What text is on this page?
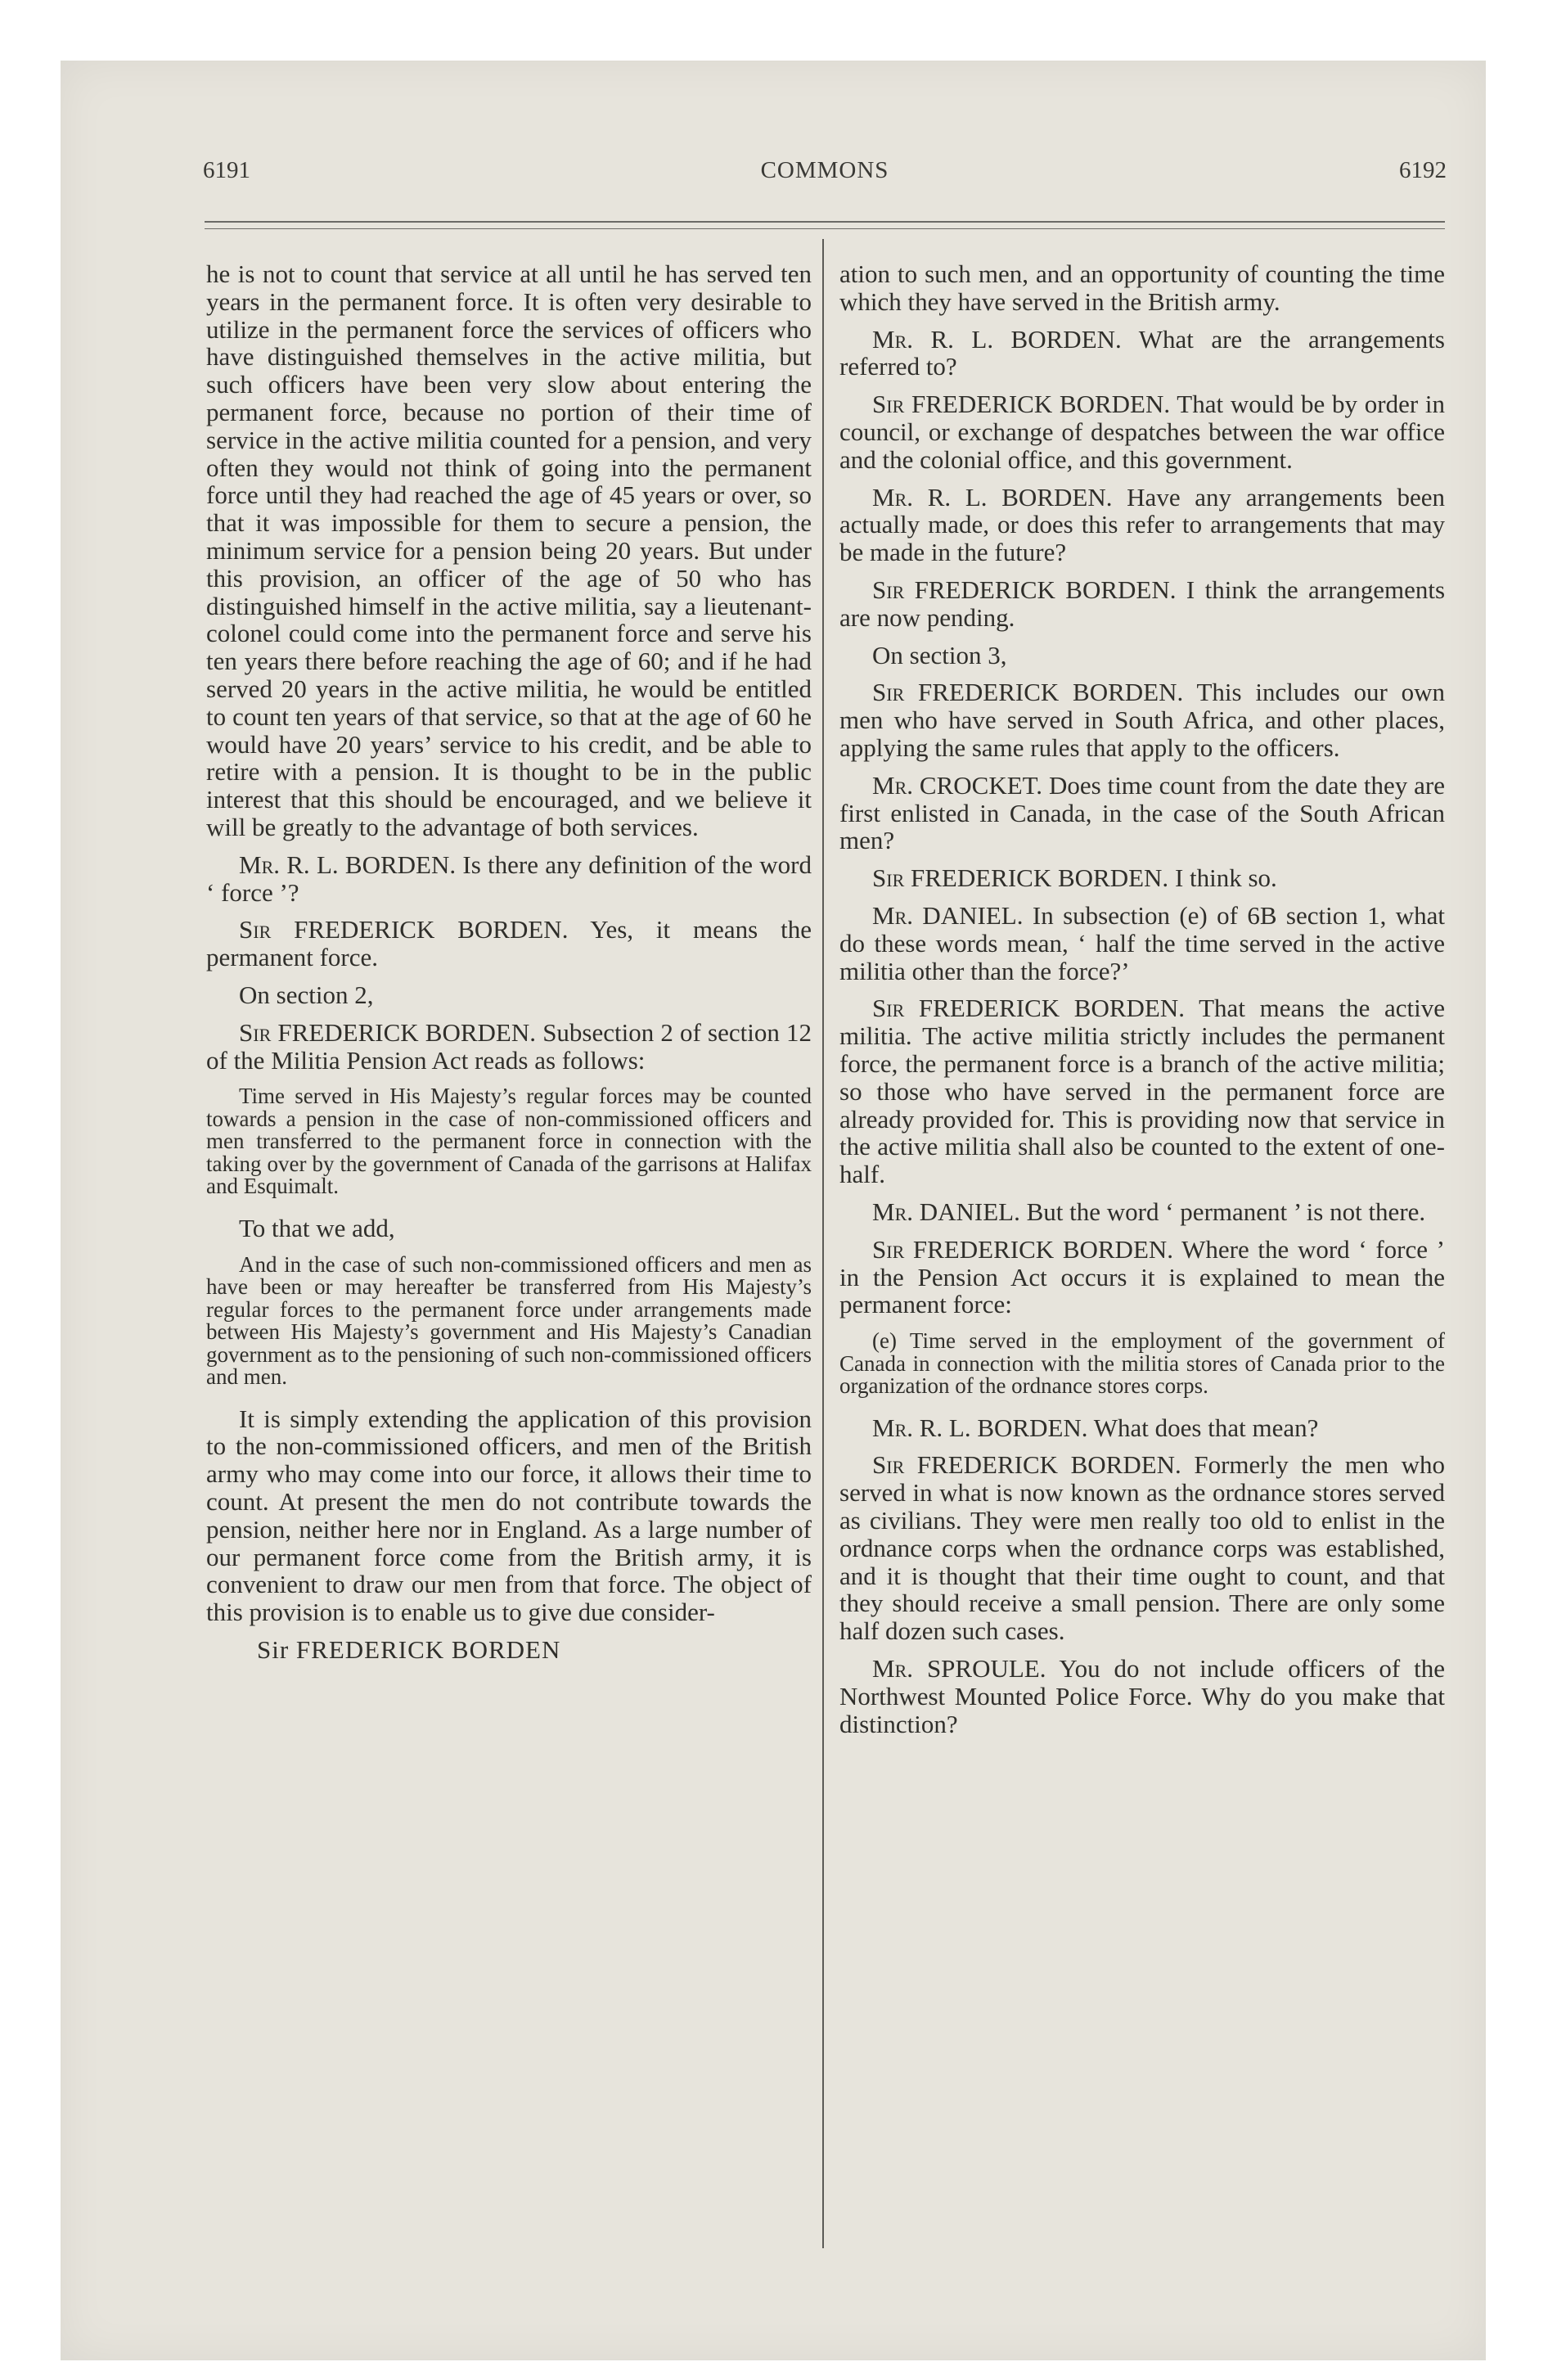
6191	COMMONS	6192

he is not to count that service at all until he has served ten years in the permanent force. It is often very desirable to utilize in the permanent force the services of officers who have distinguished themselves in the active militia, but such officers have been very slow about entering the permanent force, because no portion of their time of service in the active militia counted for a pension, and very often they would not think of going into the permanent force until they had reached the age of 45 years or over, so that it was impossible for them to secure a pension, the minimum service for a pension being 20 years. But under this provision, an officer of the age of 50 who has distinguished himself in the active militia, say a lieutenant-colonel could come into the permanent force and serve his ten years there before reaching the age of 60; and if he had served 20 years in the active militia, he would be entitled to count ten years of that service, so that at the age of 60 he would have 20 years’ service to his credit, and be able to retire with a pension. It is thought to be in the public interest that this should be encouraged, and we believe it will be greatly to the advantage of both services.

Mr. R. L. BORDEN. Is there any definition of the word ‘ force ’?

Sir FREDERICK BORDEN. Yes, it means the permanent force.

On section 2,

Sir FREDERICK BORDEN. Subsection 2 of section 12 of the Militia Pension Act reads as follows:

Time served in His Majesty’s regular forces may be counted towards a pension in the case of non-commissioned officers and men transferred to the permanent force in connection with the taking over by the government of Canada of the garrisons at Halifax and Esquimalt.

To that we add,

And in the case of such non-commissioned officers and men as have been or may hereafter be transferred from His Majesty’s regular forces to the permanent force under arrangements made between His Majesty’s government and His Majesty’s Canadian government as to the pensioning of such non-commissioned officers and men.

It is simply extending the application of this provision to the non-commissioned officers, and men of the British army who may come into our force, it allows their time to count. At present the men do not contribute towards the pension, neither here nor in England. As a large number of our permanent force come from the British army, it is convenient to draw our men from that force. The object of this provision is to enable us to give due consider-

Sir FREDERICK BORDEN

ation to such men, and an opportunity of counting the time which they have served in the British army.

Mr. R. L. BORDEN. What are the arrangements referred to?

Sir FREDERICK BORDEN. That would be by order in council, or exchange of despatches between the war office and the colonial office, and this government.

Mr. R. L. BORDEN. Have any arrangements been actually made, or does this refer to arrangements that may be made in the future?

Sir FREDERICK BORDEN. I think the arrangements are now pending.

On section 3,

Sir FREDERICK BORDEN. This includes our own men who have served in South Africa, and other places, applying the same rules that apply to the officers.

Mr. CROCKET. Does time count from the date they are first enlisted in Canada, in the case of the South African men?

Sir FREDERICK BORDEN. I think so.

Mr. DANIEL. In subsection (e) of 6B section 1, what do these words mean, ‘ half the time served in the active militia other than the force?’

Sir FREDERICK BORDEN. That means the active militia. The active militia strictly includes the permanent force, the permanent force is a branch of the active militia; so those who have served in the permanent force are already provided for. This is providing now that service in the active militia shall also be counted to the extent of one-half.

Mr. DANIEL. But the word ‘ permanent ’ is not there.

Sir FREDERICK BORDEN. Where the word ‘ force ’ in the Pension Act occurs it is explained to mean the permanent force:

(e) Time served in the employment of the government of Canada in connection with the militia stores of Canada prior to the organization of the ordnance stores corps.

Mr. R. L. BORDEN. What does that mean?

Sir FREDERICK BORDEN. Formerly the men who served in what is now known as the ordnance stores served as civilians. They were men really too old to enlist in the ordnance corps when the ordnance corps was established, and it is thought that their time ought to count, and that they should receive a small pension. There are only some half dozen such cases.

Mr. SPROULE. You do not include officers of the Northwest Mounted Police Force. Why do you make that distinction?
